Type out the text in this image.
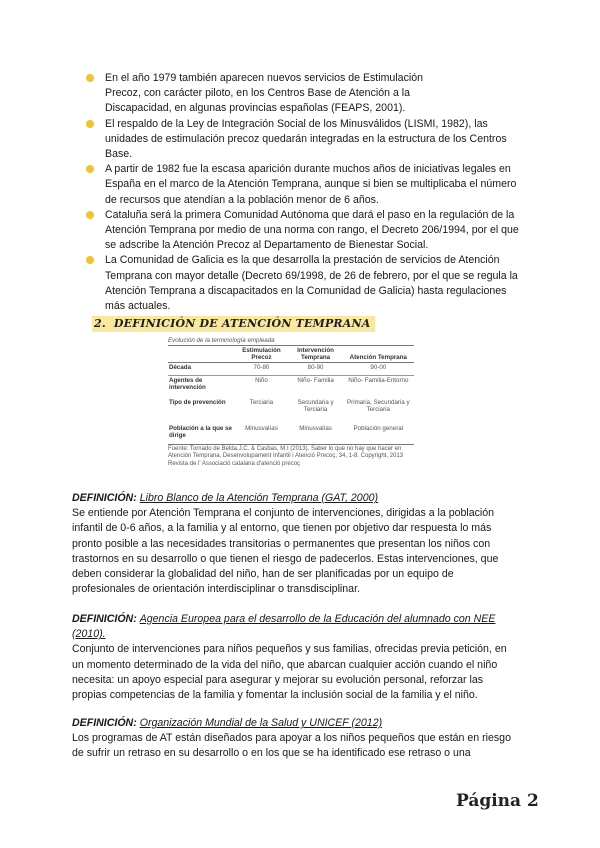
En el año 1979 también aparecen nuevos servicios de Estimulación Precoz, con carácter piloto, en los Centros Base de Atención a la Discapacidad, en algunas provincias españolas (FEAPS, 2001).
El respaldo de la Ley de Integración Social de los Minusválidos (LISMI, 1982), las unidades de estimulación precoz quedarán integradas en la estructura de los Centros Base.
A partir de 1982 fue la escasa aparición durante muchos años de iniciativas legales en España en el marco de la Atención Temprana, aunque si bien se multiplicaba el número de recursos que atendían a la población menor de 6 años.
Cataluña será la primera Comunidad Autónoma que dará el paso en la regulación de la Atención Temprana por medio de una norma con rango, el Decreto 206/1994, por el que se adscribe la Atención Precoz al Departamento de Bienestar Social.
La Comunidad de Galicia es la que desarrolla la prestación de servicios de Atención Temprana con mayor detalle (Decreto 69/1998, de 26 de febrero, por el que se regula la Atención Temprana a discapacitados en la Comunidad de Galicia) hasta regulaciones más actuales.
2. DEFINICIÓN DE ATENCIÓN TEMPRANA
Evolución de la terminología empleada
	Estimulación Precoz	Intervención Temprana	Atención Temprana
Década	70-80	80-90	90-00
Agentes de intervención	Niño	Niño- Familia	Niño- Familia-Entorno
Tipo de prevención	Terciaria	Secundaria y Terciaria	Primaria, Secundaria y Terciaria
Población a la que se dirige	Minusvalías	Minusvalías	Población general
Fuente: Tornado de Belda,J.C. & Casbas, M.I (2013). Saber lo que no hay que hacer en Atención Temprana. Desenvolupament Infantil i Atenció Precoç, 34, 1-8. Copyright, 2013 Revista de l' Associació catalana d'atenció precoç
DEFINICIÓN: Libro Blanco de la Atención Temprana (GAT, 2000)

Se entiende por Atención Temprana el conjunto de intervenciones, dirigidas a la población infantil de 0-6 años, a la familia y al entorno, que tienen por objetivo dar respuesta lo más pronto posible a las necesidades transitorias o permanentes que presentan los niños con trastornos en su desarrollo o que tienen el riesgo de padecerlos. Estas intervenciones, que deben considerar la globalidad del niño, han de ser planificadas por un equipo de profesionales de orientación interdisciplinar o transdisciplinar.

DEFINICIÓN: Agencia Europea para el desarrollo de la Educación del alumnado con NEE (2010).

Conjunto de intervenciones para niños pequeños y sus familias, ofrecidas previa petición, en un momento determinado de la vida del niño, que abarcan cualquier acción cuando el niño necesita: un apoyo especial para asegurar y mejorar su evolución personal, reforzar las propias competencias de la familia y fomentar la inclusión social de la familia y el niño.

DEFINICIÓN: Organización Mundial de la Salud y UNICEF (2012)

Los programas de AT están diseñados para apoyar a los niños pequeños que están en riesgo de sufrir un retraso en su desarrollo o en los que se ha identificado ese retraso o una

Página 2
